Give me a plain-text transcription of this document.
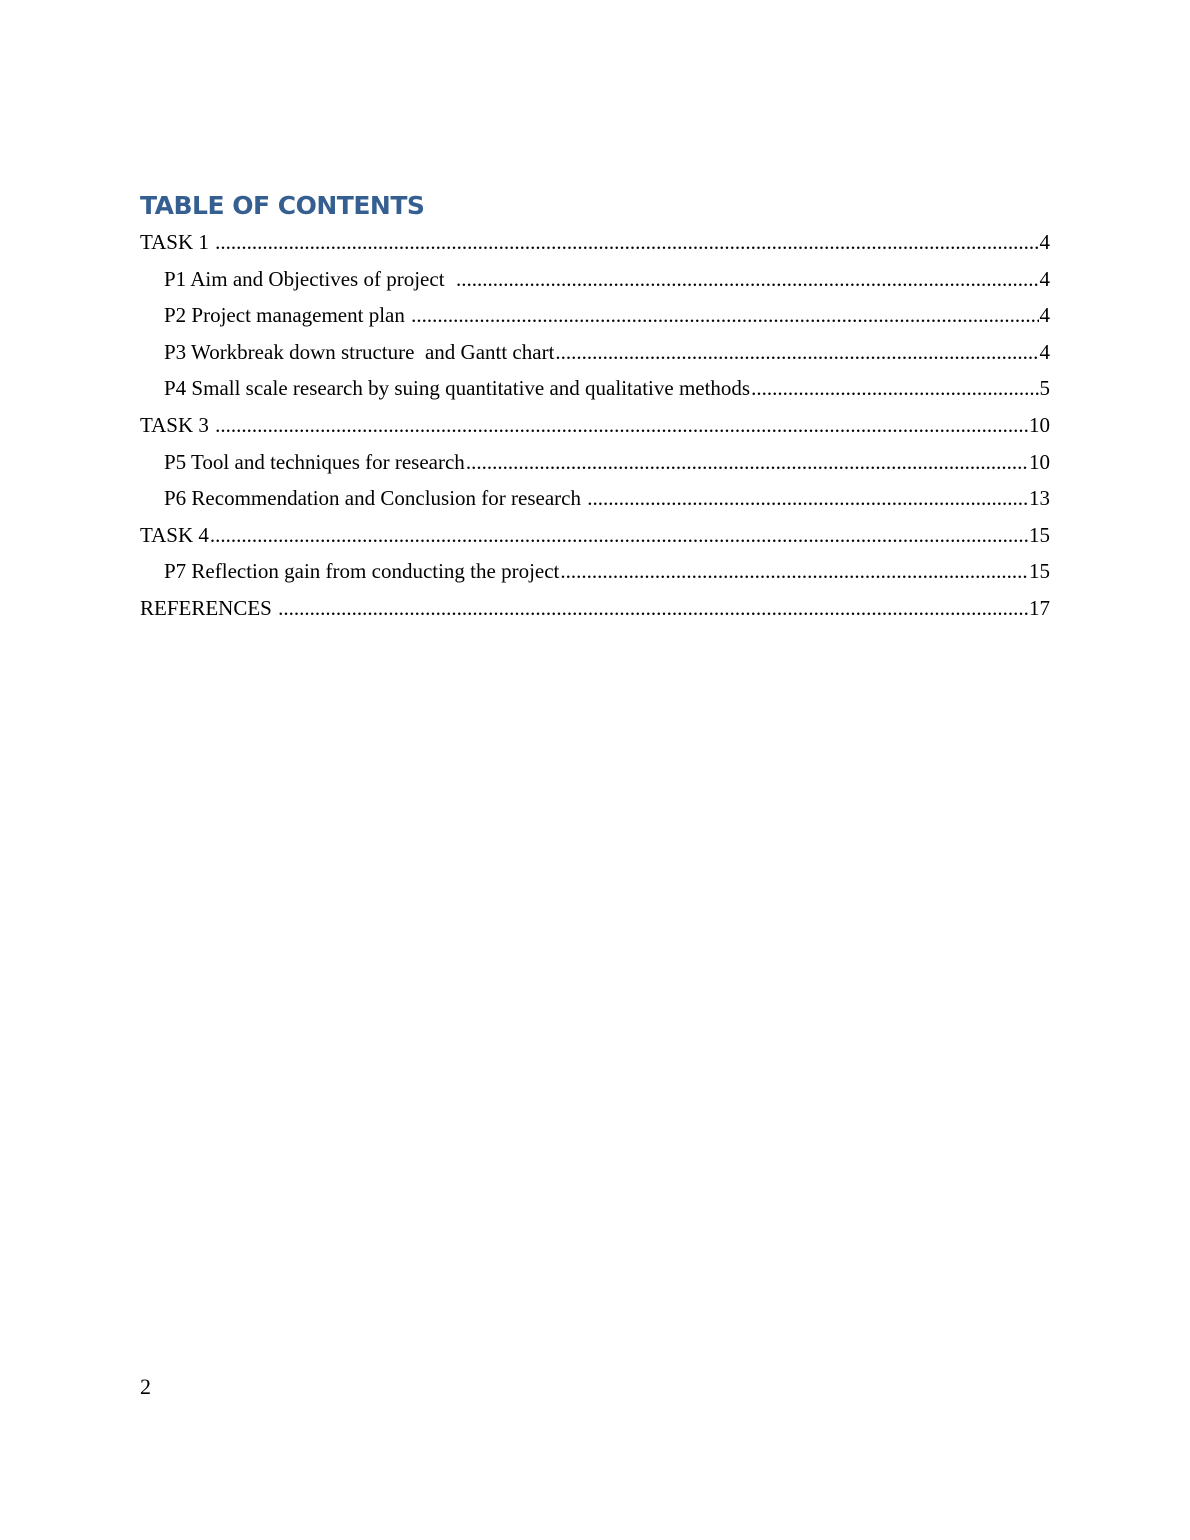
TABLE OF CONTENTS
TASK 1 .....	4
P1 Aim and Objectives of project .....	4
P2 Project management plan .....	4
P3 Workbreak down structure  and Gantt chart .....	4
P4 Small scale research by suing quantitative and qualitative methods .....	5
TASK 3 .....	10
P5 Tool and techniques for research .....	10
P6 Recommendation and Conclusion for research .....	13
TASK 4 .....	15
P7 Reflection gain from conducting the project .....	15
REFERENCES .....	17
2
